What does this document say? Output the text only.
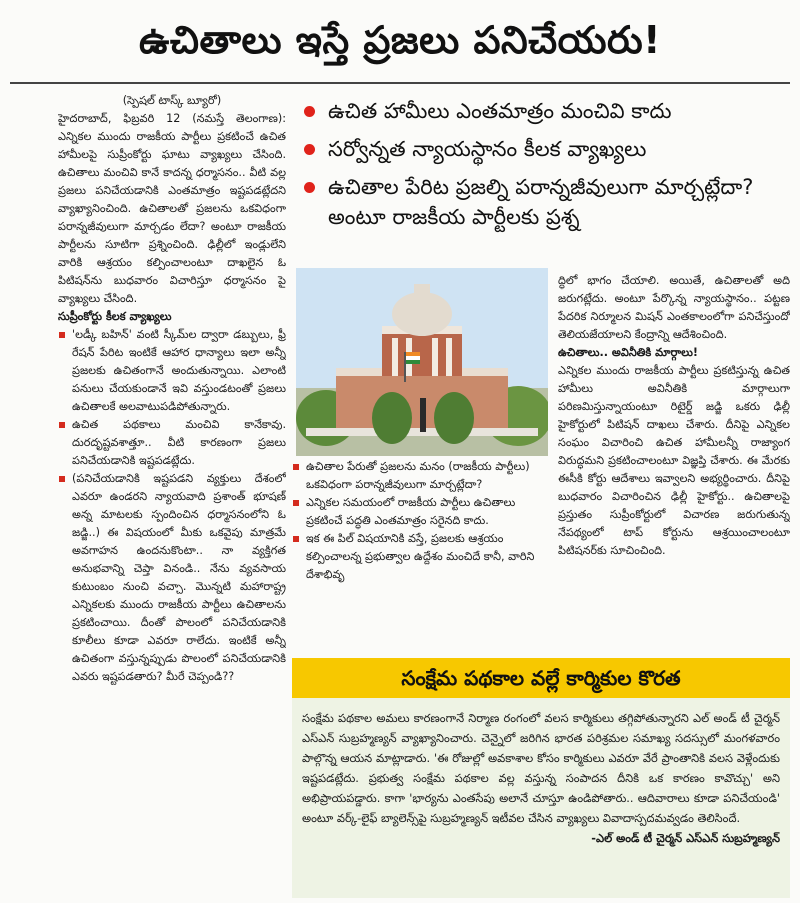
ఉచితాలు ఇస్తే ప్రజలు పనిచేయరు!

(స్పెషల్ టాస్క్ బ్యూరో)

హైదరాబాద్, ఫిబ్రవరి 12 (నమస్తే తెలంగాణ): ఎన్నికల ముందు రాజకీయ పార్టీలు ప్రకటించే ఉచిత హామీలపై సుప్రీంకోర్టు ఘాటు వ్యాఖ్యలు చేసింది. ఉచితాలు మంచివి కానే కాదన్న ధర్మాసనం.. వీటి వల్ల ప్రజలు పనిచేయడానికి ఎంతమాత్రం ఇష్టపడట్లేదని వ్యాఖ్యానించింది. ఉచితాలతో ప్రజలను ఒకవిధంగా పరాన్నజీవులుగా మార్చడం లేదా? అంటూ రాజకీయ పార్టీలను సూటిగా ప్రశ్నించింది. ఢిల్లీలో ఇండ్లులేని వారికి ఆశ్రయం కల్పించాలంటూ దాఖలైన ఓ పిటిషన్‌ను బుధవారం విచారిస్తూ ధర్మాసనం పై వ్యాఖ్యలు చేసింది.

సుప్రీంకోర్టు కీలక వ్యాఖ్యలు

'లడ్కీ బహిన్' వంటి స్కీమ్‌ల ద్వారా డబ్బులు, ఫ్రీ రేషన్ పేరిట ఇంటికే ఆహార ధాన్యాలు ఇలా అన్నీ ప్రజలకు ఉచితంగానే అందుతున్నాయి. ఎలాంటి పనులు చేయకుండానే ఇవి వస్తుండటంతో ప్రజలు ఉచితాలకే అలవాటుపడిపోతున్నారు.
ఉచిత పథకాలు మంచివి కానేకావు. దురదృష్టవశాత్తూ.. వీటి కారణంగా ప్రజలు పనిచేయడానికి ఇష్టపడట్లేదు.
(పనిచేయడానికి ఇష్టపడని వ్యక్తులు దేశంలో ఎవరూ ఉండరని న్యాయవాది ప్రశాంత్ భూషణ్ అన్న మాటలకు స్పందించిన ధర్మాసనంలోని ఓ జడ్జి..) ఈ విషయంలో మీకు ఒకవైపు మాత్రమే అవగాహన ఉందనుకొంటా.. నా వ్యక్తిగత అనుభవాన్ని చెప్తా వినండి.. నేను వ్యవసాయ కుటుంబం నుంచి వచ్చా. మొన్నటి మహారాష్ట్ర ఎన్నికలకు ముందు రాజకీయ పార్టీలు ఉచితాలను ప్రకటించాయి. దీంతో పొలంలో పనిచేయడానికి కూలీలు కూడా ఎవరూ రాలేదు. ఇంటికే అన్నీ ఉచితంగా వస్తున్నప్పుడు పొలంలో పనిచేయడానికి ఎవరు ఇష్టపడతారు? మీరే చెప్పండి??
ఉచిత హామీలు ఎంతమాత్రం మంచివి కాదు
సర్వోన్నత న్యాయస్థానం కీలక వ్యాఖ్యలు
ఉచితాల పేరిట ప్రజల్ని పరాన్నజీవులుగా మార్చట్లేదా? అంటూ రాజకీయ పార్టీలకు ప్రశ్న
ఉచితాల పేరుతో ప్రజలను మనం (రాజకీయ పార్టీలు) ఒకవిధంగా పరాన్నజీవులుగా మార్చట్లేదా?
ఎన్నికల సమయంలో రాజకీయ పార్టీలు ఉచితాలు ప్రకటించే పద్ధతి ఎంతమాత్రం సరైనది కాదు.
ఇక ఈ పిల్ విషయానికి వస్తే, ప్రజలకు ఆశ్రయం కల్పించాలన్న ప్రభుత్వాల ఉద్దేశం మంచిదే కానీ, వారిని దేశాభివృ

ద్ధిలో భాగం చేయాలి. అయితే, ఉచితాలతో అది జరుగట్లేదు. అంటూ పేర్కొన్న న్యాయస్థానం.. పట్టణ పేదరిక నిర్మూలన మిషన్ ఎంతకాలంలోగా పనిచేస్తుందో తెలియజేయాలని కేంద్రాన్ని ఆదేశించింది.

ఉచితాలు.. అవినీతికి మార్గాలు!

ఎన్నికల ముందు రాజకీయ పార్టీలు ప్రకటిస్తున్న ఉచిత హామీలు అవినీతికి మార్గాలుగా పరిణమిస్తున్నాయంటూ రిటైర్డ్ జడ్జి ఒకరు ఢిల్లీ హైకోర్టులో పిటిషన్ దాఖలు చేశారు. దీనిపై ఎన్నికల సంఘం విచారించి ఉచిత హామీలన్నీ రాజ్యాంగ విరుద్ధమని ప్రకటించాలంటూ విజ్ఞప్తి చేశారు. ఈ మేరకు ఈసీకి కోర్టు ఆదేశాలు ఇవ్వాలని అభ్యర్థించారు. దీనిపై బుధవారం విచారించిన ఢిల్లీ హైకోర్టు.. ఉచితాలపై ప్రస్తుతం సుప్రీంకోర్టులో విచారణ జరుగుతున్న నేపథ్యంలో టాప్ కోర్టును ఆశ్రయించాలంటూ పిటిషనర్‌కు సూచించింది.

సంక్షేమ పథకాల వల్లే కార్మికుల కొరత

సంక్షేమ పథకాల అమలు కారణంగానే నిర్మాణ రంగంలో వలస కార్మికులు తగ్గిపోతున్నారని ఎల్ అండ్ టీ చైర్మన్ ఎస్‌ఎన్ సుబ్రహ్మణ్యన్ వ్యాఖ్యానించారు. చెన్నైలో జరిగిన భారత పరిశ్రమల సమాఖ్య సదస్సులో మంగళవారం పాల్గొన్న ఆయన మాట్లాడారు. 'ఈ రోజుల్లో అవకాశాల కోసం కార్మికులు ఎవరూ వేరే ప్రాంతానికి వలస వెళ్లేందుకు ఇష్టపడట్లేదు. ప్రభుత్వ సంక్షేమ పథకాల వల్ల వస్తున్న సంపాదన దీనికి ఒక కారణం కావొచ్చు' అని అభిప్రాయపడ్డారు. కాగా 'భార్యను ఎంతసేపు అలానే చూస్తూ ఉండిపోతారు.. ఆదివారాలు కూడా పనిచేయండి' అంటూ వర్క్-లైఫ్ బ్యాలెన్స్‌పై సుబ్రహ్మణ్యన్ ఇటీవల చేసిన వ్యాఖ్యలు వివాదాస్పదమవ్వడం తెలిసిందే.

-ఎల్ అండ్ టీ చైర్మన్ ఎస్‌ఎన్ సుబ్రహ్మణ్యన్
